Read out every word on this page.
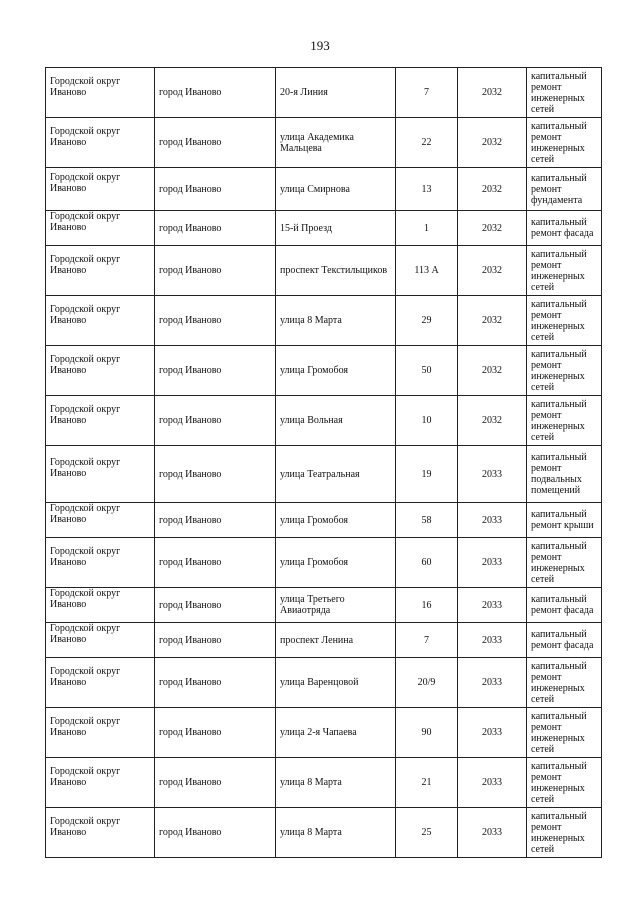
193
Городской округ Иваново	город Иваново	20-я Линия	7	2032	капитальный ремонт инженерных сетей

Городской округ Иваново	город Иваново	улица Академика Мальцева	22	2032	капитальный ремонт инженерных сетей

Городской округ Иваново	город Иваново	улица Смирнова	13	2032	капитальный ремонт фундамента

Городской округ Иваново	город Иваново	15-й Проезд	1	2032	капитальный ремонт фасада

Городской округ Иваново	город Иваново	проспект Текстильщиков	113 А	2032	капитальный ремонт инженерных сетей

Городской округ Иваново	город Иваново	улица 8 Марта	29	2032	капитальный ремонт инженерных сетей

Городской округ Иваново	город Иваново	улица Громобоя	50	2032	капитальный ремонт инженерных сетей

Городской округ Иваново	город Иваново	улица Вольная	10	2032	капитальный ремонт инженерных сетей

Городской округ Иваново	город Иваново	улица Театральная	19	2033	капитальный ремонт подвальных помещений

Городской округ Иваново	город Иваново	улица Громобоя	58	2033	капитальный ремонт крыши

Городской округ Иваново	город Иваново	улица Громобоя	60	2033	капитальный ремонт инженерных сетей

Городской округ Иваново	город Иваново	улица Третьего Авиаотряда	16	2033	капитальный ремонт фасада

Городской округ Иваново	город Иваново	проспект Ленина	7	2033	капитальный ремонт фасада

Городской округ Иваново	город Иваново	улица Варенцовой	20/9	2033	капитальный ремонт инженерных сетей

Городской округ Иваново	город Иваново	улица 2-я Чапаева	90	2033	капитальный ремонт инженерных сетей

Городской округ Иваново	город Иваново	улица 8 Марта	21	2033	капитальный ремонт инженерных сетей

Городской округ Иваново	город Иваново	улица 8 Марта	25	2033	капитальный ремонт инженерных сетей
